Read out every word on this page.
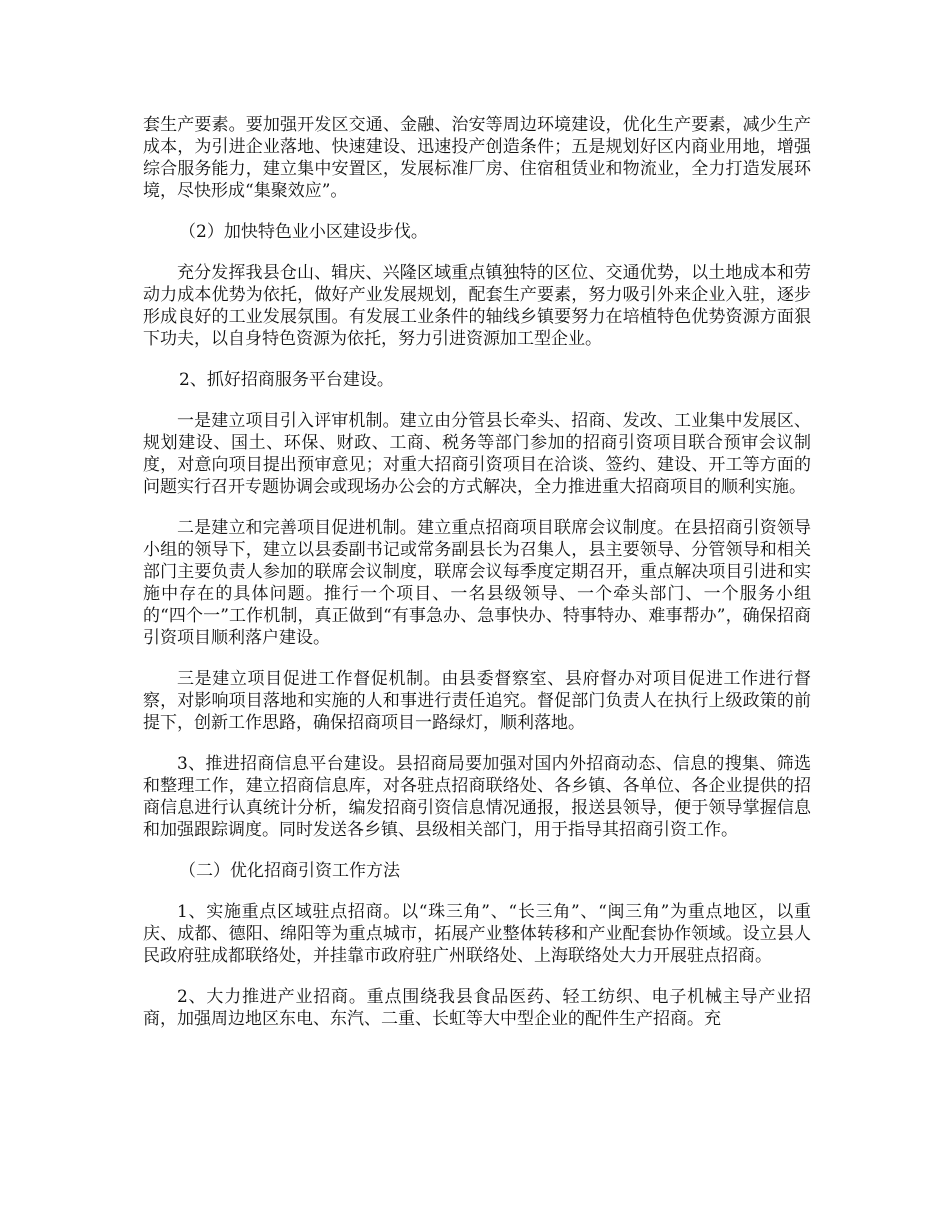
套生产要素。要加强开发区交通、金融、治安等周边环境建设，优化生产要素，减少生产成本，为引进企业落地、快速建设、迅速投产创造条件；五是规划好区内商业用地，增强综合服务能力，建立集中安置区，发展标准厂房、住宿租赁业和物流业，全力打造发展环境，尽快形成“集聚效应”。

（2）加快特色业小区建设步伐。

充分发挥我县仓山、辑庆、兴隆区域重点镇独特的区位、交通优势，以土地成本和劳动力成本优势为依托，做好产业发展规划，配套生产要素，努力吸引外来企业入驻，逐步形成良好的工业发展氛围。有发展工业条件的轴线乡镇要努力在培植特色优势资源方面狠下功夫，以自身特色资源为依托，努力引进资源加工型企业。

2、抓好招商服务平台建设。

一是建立项目引入评审机制。建立由分管县长牵头、招商、发改、工业集中发展区、规划建设、国土、环保、财政、工商、税务等部门参加的招商引资项目联合预审会议制度，对意向项目提出预审意见；对重大招商引资项目在洽谈、签约、建设、开工等方面的问题实行召开专题协调会或现场办公会的方式解决，全力推进重大招商项目的顺利实施。

二是建立和完善项目促进机制。建立重点招商项目联席会议制度。在县招商引资领导小组的领导下，建立以县委副书记或常务副县长为召集人，县主要领导、分管领导和相关部门主要负责人参加的联席会议制度，联席会议每季度定期召开，重点解决项目引进和实施中存在的具体问题。推行一个项目、一名县级领导、一个牵头部门、一个服务小组的“四个一”工作机制，真正做到“有事急办、急事快办、特事特办、难事帮办”，确保招商引资项目顺利落户建设。

三是建立项目促进工作督促机制。由县委督察室、县府督办对项目促进工作进行督察，对影响项目落地和实施的人和事进行责任追究。督促部门负责人在执行上级政策的前提下，创新工作思路，确保招商项目一路绿灯，顺利落地。

3、推进招商信息平台建设。县招商局要加强对国内外招商动态、信息的搜集、筛选和整理工作，建立招商信息库，对各驻点招商联络处、各乡镇、各单位、各企业提供的招商信息进行认真统计分析，编发招商引资信息情况通报，报送县领导，便于领导掌握信息和加强跟踪调度。同时发送各乡镇、县级相关部门，用于指导其招商引资工作。

（二）优化招商引资工作方法

1、实施重点区域驻点招商。以“珠三角”、“长三角”、“闽三角”为重点地区，以重庆、成都、德阳、绵阳等为重点城市，拓展产业整体转移和产业配套协作领域。设立县人民政府驻成都联络处，并挂靠市政府驻广州联络处、上海联络处大力开展驻点招商。

2、大力推进产业招商。重点围绕我县食品医药、轻工纺织、电子机械主导产业招商，加强周边地区东电、东汽、二重、长虹等大中型企业的配件生产招商。充
